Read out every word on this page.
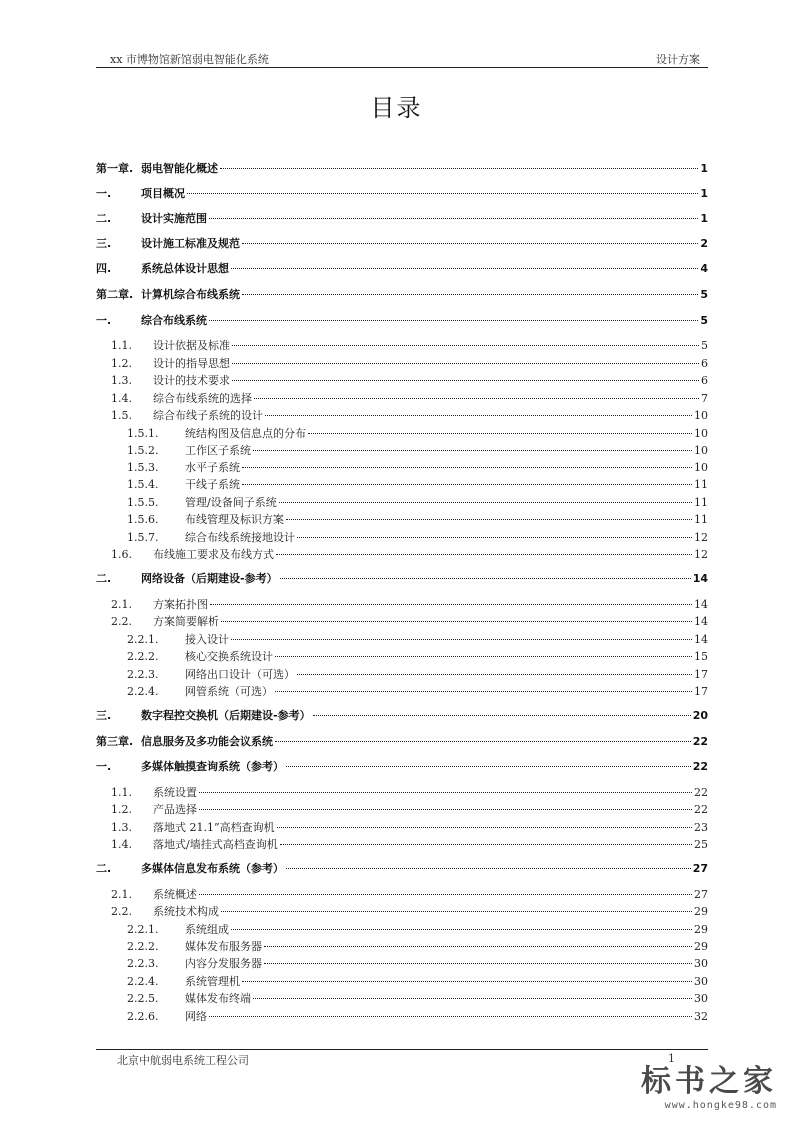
xx 市博物馆新馆弱电智能化系统	设计方案
目录
第一章. 弱电智能化概述	1
一.	项目概况	1
二.	设计实施范围	1
三.	设计施工标准及规范	2
四.	系统总体设计思想	4
第二章. 计算机综合布线系统	5
一.	综合布线系统	5
1.1.	设计依据及标准	5
1.2.	设计的指导思想	6
1.3.	设计的技术要求	6
1.4.	综合布线系统的选择	7
1.5.	综合布线子系统的设计	10
1.5.1.	统结构图及信息点的分布	10
1.5.2.	工作区子系统	10
1.5.3.	水平子系统	10
1.5.4.	干线子系统	11
1.5.5.	管理/设备间子系统	11
1.5.6.	布线管理及标识方案	11
1.5.7.	综合布线系统接地设计	12
1.6.	布线施工要求及布线方式	12
二.	网络设备（后期建设-参考）	14
2.1.	方案拓扑图	14
2.2.	方案简要解析	14
2.2.1.	接入设计	14
2.2.2.	核心交换系统设计	15
2.2.3.	网络出口设计（可选）	17
2.2.4.	网管系统（可选）	17
三.	数字程控交换机（后期建设-参考）	20
第三章. 信息服务及多功能会议系统	22
一.	多媒体触摸查询系统（参考）	22
1.1.	系统设置	22
1.2.	产品选择	22
1.3.	落地式 21.1”高档查询机	23
1.4.	落地式/墙挂式高档查询机	25
二.	多媒体信息发布系统（参考）	27
2.1.	系统概述	27
2.2.	系统技术构成	29
2.2.1.	系统组成	29
2.2.2.	媒体发布服务器	29
2.2.3.	内容分发服务器	30
2.2.4.	系统管理机	30
2.2.5.	媒体发布终端	30
2.2.6.	网络	32
北京中航弱电系统工程公司	1
标书之家
www.hongke98.com
